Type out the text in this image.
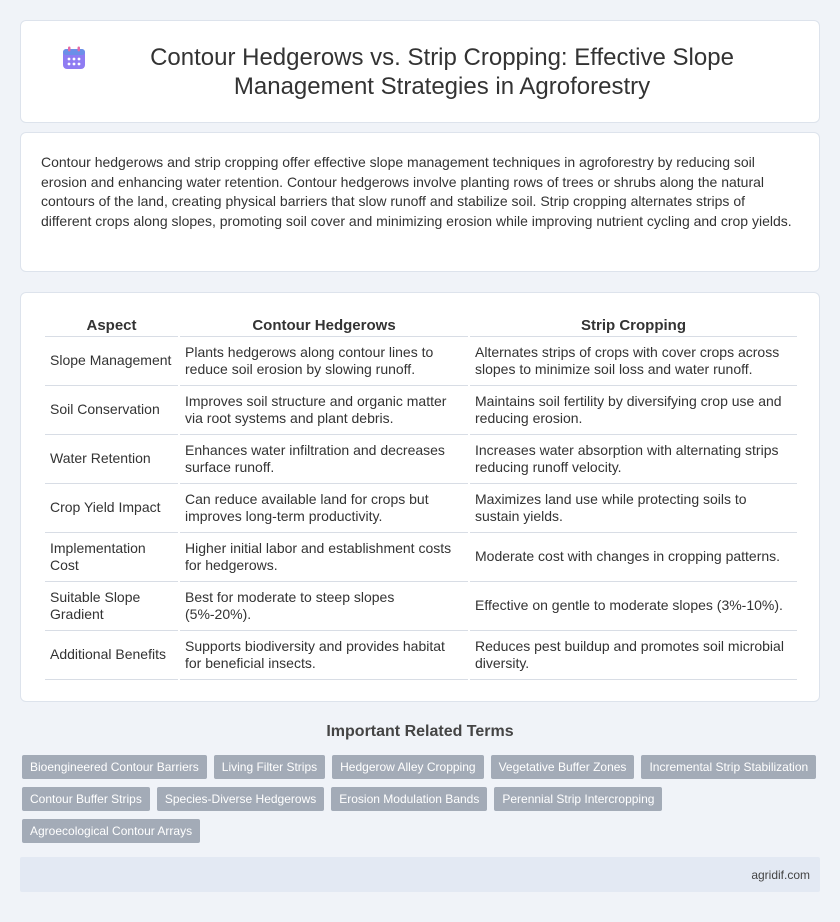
Contour Hedgerows vs. Strip Cropping: Effective Slope Management Strategies in Agroforestry

Contour hedgerows and strip cropping offer effective slope management techniques in agroforestry by reducing soil erosion and enhancing water retention. Contour hedgerows involve planting rows of trees or shrubs along the natural contours of the land, creating physical barriers that slow runoff and stabilize soil. Strip cropping alternates strips of different crops along slopes, promoting soil cover and minimizing erosion while improving nutrient cycling and crop yields.

Aspect	Contour Hedgerows	Strip Cropping
Slope Management	Plants hedgerows along contour lines to reduce soil erosion by slowing runoff.	Alternates strips of crops with cover crops across slopes to minimize soil loss and water runoff.
Soil Conservation	Improves soil structure and organic matter via root systems and plant debris.	Maintains soil fertility by diversifying crop use and reducing erosion.
Water Retention	Enhances water infiltration and decreases surface runoff.	Increases water absorption with alternating strips reducing runoff velocity.
Crop Yield Impact	Can reduce available land for crops but improves long-term productivity.	Maximizes land use while protecting soils to sustain yields.
Implementation Cost	Higher initial labor and establishment costs for hedgerows.	Moderate cost with changes in cropping patterns.
Suitable Slope Gradient	Best for moderate to steep slopes (5%-20%).	Effective on gentle to moderate slopes (3%-10%).
Additional Benefits	Supports biodiversity and provides habitat for beneficial insects.	Reduces pest buildup and promotes soil microbial diversity.
Important Related Terms
Bioengineered Contour Barriers	Living Filter Strips	Hedgerow Alley Cropping	Vegetative Buffer Zones	Incremental Strip Stabilization
Contour Buffer Strips	Species-Diverse Hedgerows	Erosion Modulation Bands	Perennial Strip Intercropping
Agroecological Contour Arrays
agridif.com
